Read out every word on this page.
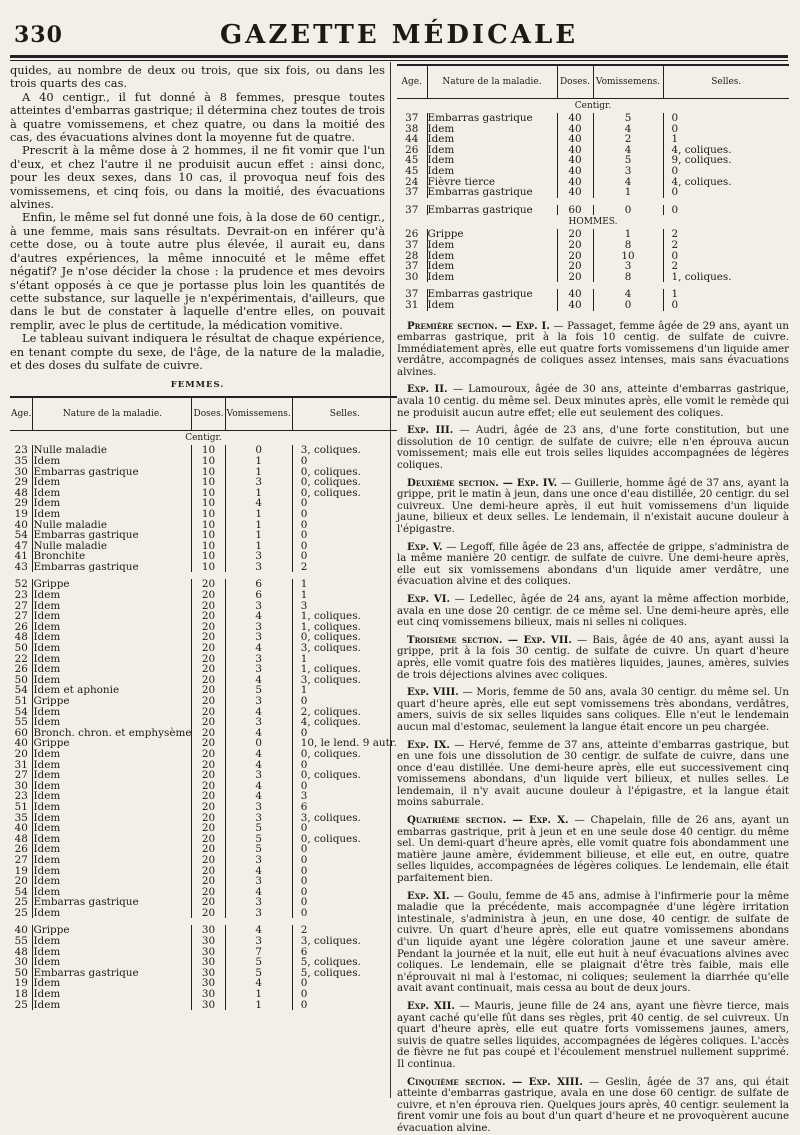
330	GAZETTE MÉDICALE

quides, au nombre de deux ou trois, que six fois, ou dans les trois quarts des cas.

A 40 centigr., il fut donné à 8 femmes, presque toutes atteintes d'embarras gastrique; il détermina chez toutes de trois à quatre vomissemens, et chez quatre, ou dans la moitié des cas, des évacuations alvines dont la moyenne fut de quatre.

Prescrit à la même dose à 2 hommes, il ne fit vomir que l'un d'eux, et chez l'autre il ne produisit aucun effet : ainsi donc, pour les deux sexes, dans 10 cas, il provoqua neuf fois des vomissemens, et cinq fois, ou dans la moitié, des évacuations alvines.

Enfin, le même sel fut donné une fois, à la dose de 60 centigr., à une femme, mais sans résultats. Devrait-on en inférer qu'à cette dose, ou à toute autre plus élevée, il aurait eu, dans d'autres expériences, la même innocuité et le même effet négatif? Je n'ose décider la chose : la prudence et mes devoirs s'étant opposés à ce que je portasse plus loin les quantités de cette substance, sur laquelle je n'expérimentais, d'ailleurs, que dans le but de constater à laquelle d'entre elles, on pouvait remplir, avec le plus de certitude, la médication vomitive.

Le tableau suivant indiquera le résultat de chaque expérience, en tenant compte du sexe, de l'âge, de la nature de la maladie, et des doses du sulfate de cuivre.

FEMMES.
Age.	Nature de la maladie.	Doses.	Vomissemens.	Selles.
Centigr.				
23	Nulle maladie	10	0	3, coliques.
35	Idem	10	1	0
30	Embarras gastrique	10	1	0, coliques.
29	Idem	10	3	0, coliques.
48	Idem	10	1	0, coliques.
29	Idem	10	4	0
19	Idem	10	1	0
40	Nulle maladie	10	1	0
54	Embarras gastrique	10	1	0
47	Nulle maladie	10	1	0
41	Bronchite	10	3	0
43	Embarras gastrique	10	3	2

52	Grippe	20	6	1
23	Idem	20	6	1
27	Idem	20	3	3
27	Idem	20	4	1, coliques.
26	Idem	20	3	1, coliques.
48	Idem	20	3	0, coliques.
50	Idem	20	4	3, coliques.
22	Idem	20	3	1
26	Idem	20	3	1, coliques.
50	Idem	20	4	3, coliques.
54	Idem et aphonie	20	5	1
51	Grippe	20	3	0
54	Idem	20	4	2, coliques.
55	Idem	20	3	4, coliques.
60	Bronch. chron. et emphysème	20	4	0
40	Grippe	20	0	10, le lend. 9 autr.
20	Idem	20	4	0, coliques.
31	Idem	20	4	0
27	Idem	20	3	0, coliques.
30	Idem	20	4	0
23	Idem	20	4	3
51	Idem	20	3	6
35	Idem	20	3	3, coliques.
40	Idem	20	5	0
48	Idem	20	5	0, coliques.
26	Idem	20	5	0
27	Idem	20	3	0
19	Idem	20	4	0
20	Idem	20	3	0
54	Idem	20	4	0
25	Embarras gastrique	20	3	0
25	Idem	20	3	0

40	Grippe	30	4	2
55	Idem	30	3	3, coliques.
48	Idem	30	7	6
30	Idem	30	5	5, coliques.
50	Embarras gastrique	30	5	5, coliques.
19	Idem	30	4	0
18	Idem	30	1	0
25	Idem	30	1	0
Age.	Nature de la maladie.	Doses.	Vomissemens.	Selles.
Centigr.				
37	Embarras gastrique	40	5	0
38	Idem	40	4	0
44	Idem	40	2	1
26	Idem	40	4	4, coliques.
45	Idem	40	5	9, coliques.
45	Idem	40	3	0
24	Fièvre tierce	40	4	4, coliques.
37	Embarras gastrique	40	1	0

37	Embarras gastrique	60	0	0
HOMMES.				
26	Grippe	20	1	2
37	Idem	20	8	2
28	Idem	20	10	0
37	Idem	20	3	2
30	Idem	20	8	1, coliques.

37	Embarras gastrique	40	4	1
31	Idem	40	0	0

Première section. — Exp. I. — Passaget, femme âgée de 29 ans, ayant un embarras gastrique, prit à la fois 10 centig. de sulfate de cuivre. Immédiatement après, elle eut quatre forts vomissemens d'un liquide amer verdâtre, accompagnés de coliques assez intenses, mais sans évacuations alvines.

Exp. II. — Lamouroux, âgée de 30 ans, atteinte d'embarras gastrique, avala 10 centig. du même sel. Deux minutes après, elle vomit le remède qui ne produisit aucun autre effet; elle eut seulement des coliques.

Exp. III. — Audri, âgée de 23 ans, d'une forte constitution, but une dissolution de 10 centigr. de sulfate de cuivre; elle n'en éprouva aucun vomissement; mais elle eut trois selles liquides accompagnées de légères coliques.

Deuxième section. — Exp. IV. — Guillerie, homme âgé de 37 ans, ayant la grippe, prit le matin à jeun, dans une once d'eau distillée, 20 centigr. du sel cuivreux. Une demi-heure après, il eut huit vomissemens d'un liquide jaune, bilieux et deux selles. Le lendemain, il n'existait aucune douleur à l'épigastre.

Exp. V. — Legoff, fille âgée de 23 ans, affectée de grippe, s'administra de la même manière 20 centigr. de sulfate de cuivre. Une demi-heure après, elle eut six vomissemens abondans d'un liquide amer verdâtre, une évacuation alvine et des coliques.

Exp. VI. — Ledellec, âgée de 24 ans, ayant la même affection morbide, avala en une dose 20 centigr. de ce même sel. Une demi-heure après, elle eut cinq vomissemens bilieux, mais ni selles ni coliques.

Troisième section. — Exp. VII. — Bais, âgée de 40 ans, ayant aussi la grippe, prit à la fois 30 centig. de sulfate de cuivre. Un quart d'heure après, elle vomit quatre fois des matières liquides, jaunes, amères, suivies de trois déjections alvines avec coliques.

Exp. VIII. — Moris, femme de 50 ans, avala 30 centigr. du même sel. Un quart d'heure après, elle eut sept vomissemens très abondans, verdâtres, amers, suivis de six selles liquides sans coliques. Elle n'eut le lendemain aucun mal d'estomac, seulement la langue était encore un peu chargée.

Exp. IX. — Hervé, femme de 37 ans, atteinte d'embarras gastrique, but en une fois une dissolution de 30 centigr. de sulfate de cuivre, dans une once d'eau distillée. Une demi-heure après, elle eut successivement cinq vomissemens abondans, d'un liquide vert bilieux, et nulles selles. Le lendemain, il n'y avait aucune douleur à l'épigastre, et la langue était moins saburrale.

Quatrième section. — Exp. X. — Chapelain, fille de 26 ans, ayant un embarras gastrique, prit à jeun et en une seule dose 40 centigr. du même sel. Un demi-quart d'heure après, elle vomit quatre fois abondamment une matière jaune amère, évidemment bilieuse, et elle eut, en outre, quatre selles liquides, accompagnées de légères coliques. Le lendemain, elle était parfaitement bien.

Exp. XI. — Goulu, femme de 45 ans, admise à l'infirmerie pour la même maladie que la précédente, mais accompagnée d'une légère irritation intestinale, s'administra à jeun, en une dose, 40 centigr. de sulfate de cuivre. Un quart d'heure après, elle eut quatre vomissemens abondans d'un liquide ayant une légère coloration jaune et une saveur amère. Pendant la journée et la nuit, elle eut huit à neuf évacuations alvines avec coliques. Le lendemain, elle se plaignait d'être très faible, mais elle n'éprouvait ni mal à l'estomac, ni coliques; seulement la diarrhée qu'elle avait avant continuait, mais cessa au bout de deux jours.

Exp. XII. — Mauris, jeune fille de 24 ans, ayant une fièvre tierce, mais ayant caché qu'elle fût dans ses règles, prit 40 centig. de sel cuivreux. Un quart d'heure après, elle eut quatre forts vomissemens jaunes, amers, suivis de quatre selles liquides, accompagnées de légères coliques. L'accès de fièvre ne fut pas coupé et l'écoulement menstruel nullement supprimé. Il continua.

Cinquième section. — Exp. XIII. — Geslin, âgée de 37 ans, qui était atteinte d'embarras gastrique, avala en une dose 60 centigr. de sulfate de cuivre, et n'en éprouva rien. Quelques jours après, 40 centigr. seulement la firent vomir une fois au bout d'un quart d'heure et ne provoquèrent aucune évacuation alvine.
